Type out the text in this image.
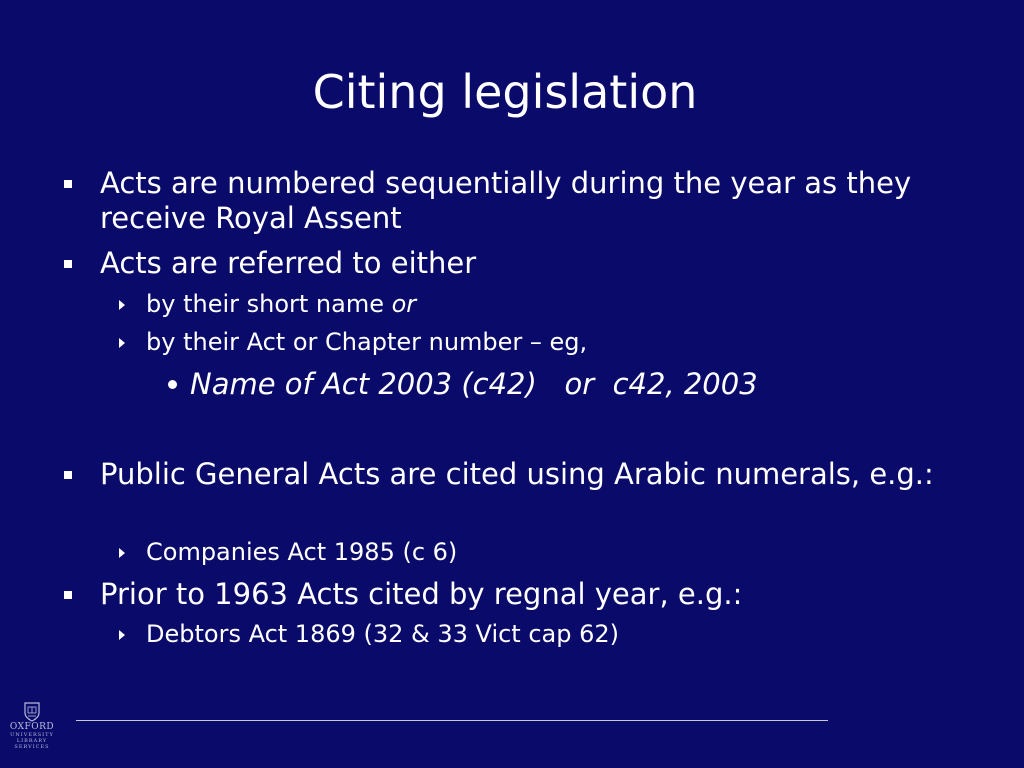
Citing legislation
Acts are numbered sequentially during the year as they receive Royal Assent
Acts are referred to either
by their short name or
by their Act or Chapter number – eg,
Name of Act 2003 (c42)   or  c42, 2003
Public General Acts are cited using Arabic numerals, e.g.:
Companies Act 1985 (c 6)
Prior to 1963 Acts cited by regnal year, e.g.:
Debtors Act 1869 (32 & 33 Vict cap 62)
OXFORD
UNIVERSITY
LIBRARY
SERVICES
